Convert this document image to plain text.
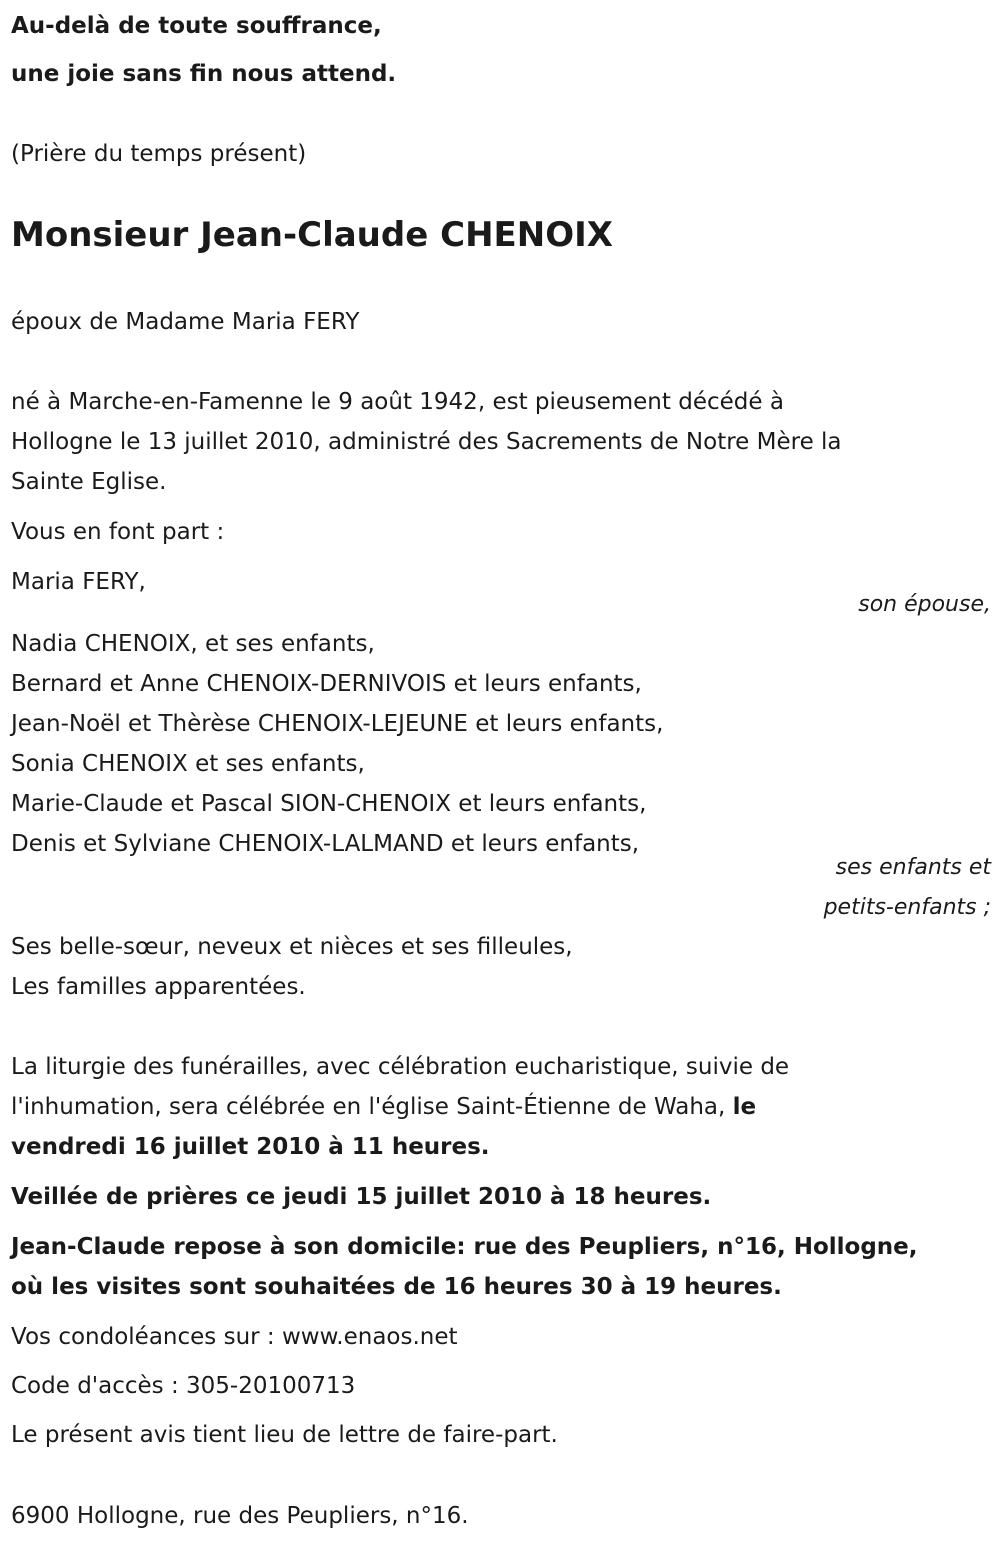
Au-delà de toute souffrance,

une joie sans fin nous attend.

(Prière du temps présent)

Monsieur Jean-Claude CHENOIX

époux de Madame Maria FERY

né à Marche-en-Famenne le 9 août 1942, est pieusement décédé à

Hollogne le 13 juillet 2010, administré des Sacrements de Notre Mère la

Sainte Eglise.

Vous en font part :

Maria FERY,

son épouse,

Nadia CHENOIX, et ses enfants,

Bernard et Anne CHENOIX-DERNIVOIS et leurs enfants,

Jean-Noël et Thèrèse CHENOIX-LEJEUNE et leurs enfants,

Sonia CHENOIX et ses enfants,

Marie-Claude et Pascal SION-CHENOIX et leurs enfants,

Denis et Sylviane CHENOIX-LALMAND et leurs enfants,

ses enfants et
petits-enfants ;

Ses belle-sœur, neveux et nièces et ses filleules,

Les familles apparentées.

La liturgie des funérailles, avec célébration eucharistique, suivie de

l'inhumation, sera célébrée en l'église Saint-Étienne de Waha, le

vendredi 16 juillet 2010 à 11 heures.

Veillée de prières ce jeudi 15 juillet 2010 à 18 heures.

Jean-Claude repose à son domicile: rue des Peupliers, n°16, Hollogne,

où les visites sont souhaitées de 16 heures 30 à 19 heures.

Vos condoléances sur : www.enaos.net

Code d'accès : 305-20100713

Le présent avis tient lieu de lettre de faire-part.

6900 Hollogne, rue des Peupliers, n°16.
